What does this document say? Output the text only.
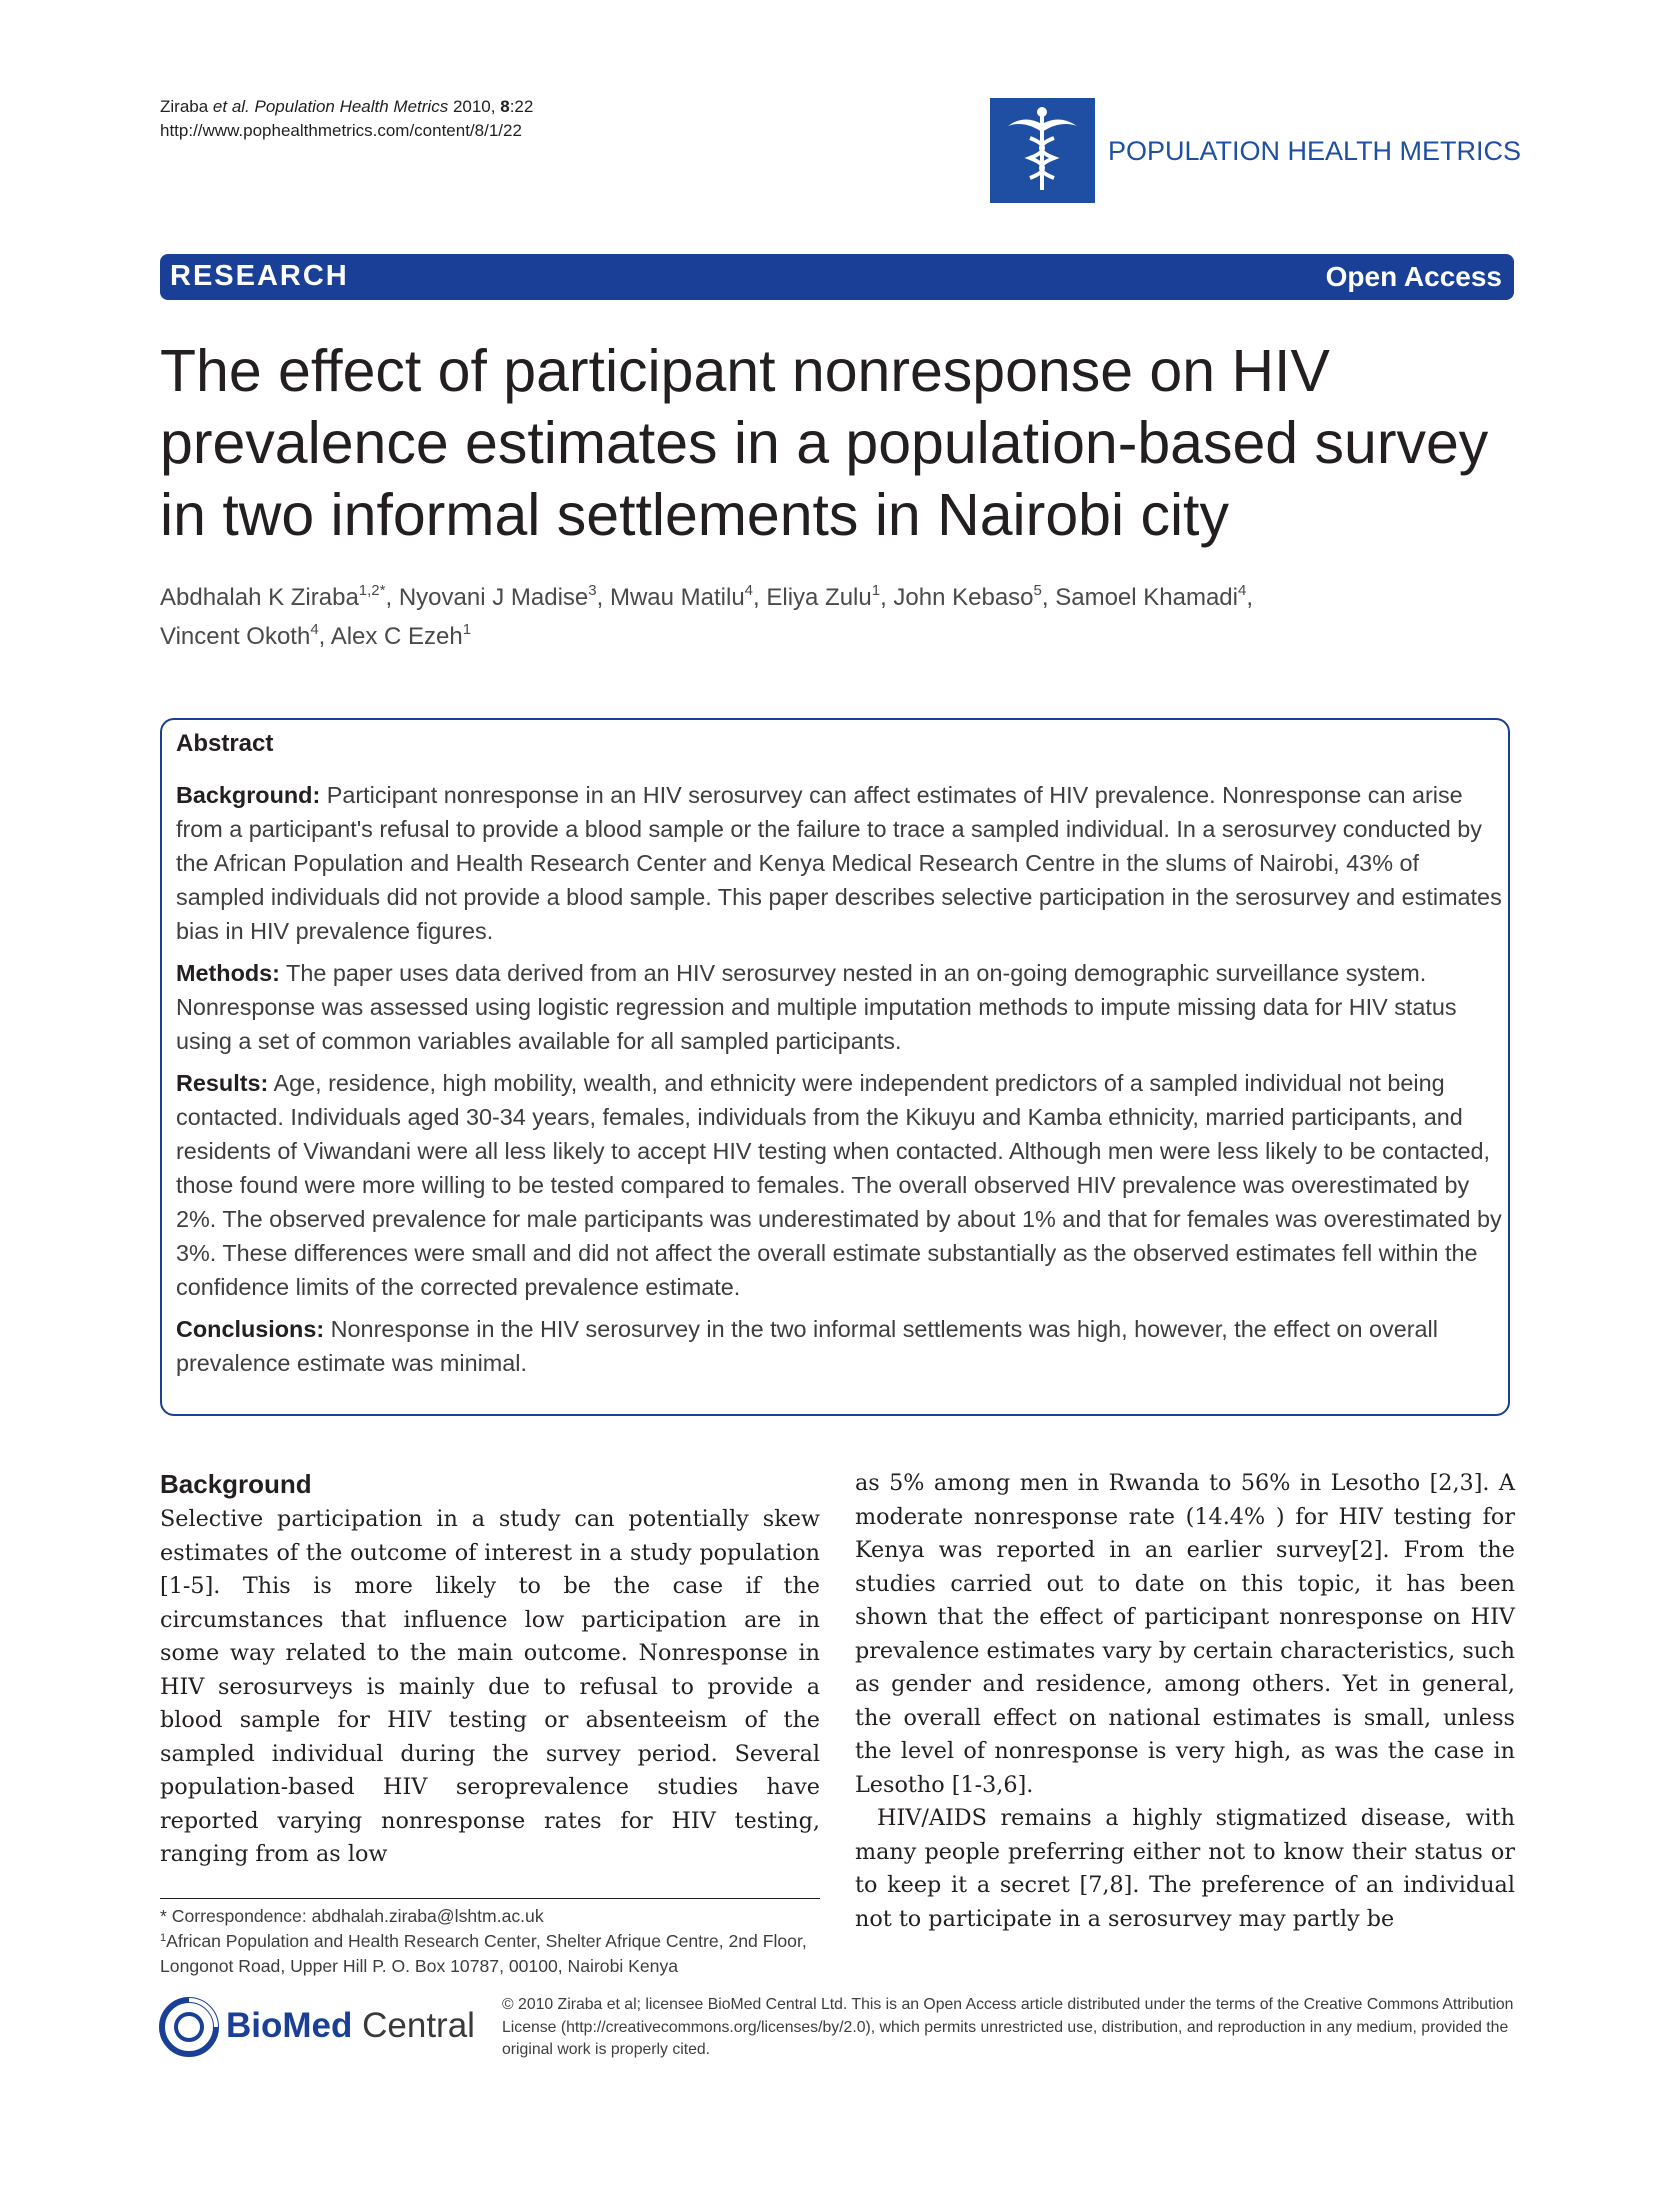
Ziraba et al. Population Health Metrics 2010, 8:22
http://www.pophealthmetrics.com/content/8/1/22
POPULATION HEALTH METRICS
RESEARCH	Open Access
The effect of participant nonresponse on HIV prevalence estimates in a population-based survey in two informal settlements in Nairobi city
Abdhalah K Ziraba$^{1,2*}$, Nyovani J Madise$^3$, Mwau Matilu$^4$, Eliya Zulu$^1$, John Kebaso$^5$, Samoel Khamadi$^4$,
Vincent Okoth$^4$, Alex C Ezeh$^1$
Abstract

Background: Participant nonresponse in an HIV serosurvey can affect estimates of HIV prevalence. Nonresponse can arise from a participant's refusal to provide a blood sample or the failure to trace a sampled individual. In a serosurvey conducted by the African Population and Health Research Center and Kenya Medical Research Centre in the slums of Nairobi, 43% of sampled individuals did not provide a blood sample. This paper describes selective participation in the serosurvey and estimates bias in HIV prevalence figures.

Methods: The paper uses data derived from an HIV serosurvey nested in an on-going demographic surveillance system. Nonresponse was assessed using logistic regression and multiple imputation methods to impute missing data for HIV status using a set of common variables available for all sampled participants.

Results: Age, residence, high mobility, wealth, and ethnicity were independent predictors of a sampled individual not being contacted. Individuals aged 30-34 years, females, individuals from the Kikuyu and Kamba ethnicity, married participants, and residents of Viwandani were all less likely to accept HIV testing when contacted. Although men were less likely to be contacted, those found were more willing to be tested compared to females. The overall observed HIV prevalence was overestimated by 2%. The observed prevalence for male participants was underestimated by about 1% and that for females was overestimated by 3%. These differences were small and did not affect the overall estimate substantially as the observed estimates fell within the confidence limits of the corrected prevalence estimate.

Conclusions: Nonresponse in the HIV serosurvey in the two informal settlements was high, however, the effect on overall prevalence estimate was minimal.

Background

Selective participation in a study can potentially skew estimates of the outcome of interest in a study population [1-5]. This is more likely to be the case if the circumstances that influence low participation are in some way related to the main outcome. Nonresponse in HIV serosurveys is mainly due to refusal to provide a blood sample for HIV testing or absenteeism of the sampled individual during the survey period. Several population-based HIV seroprevalence studies have reported varying nonresponse rates for HIV testing, ranging from as low

as 5% among men in Rwanda to 56% in Lesotho [2,3]. A moderate nonresponse rate (14.4% ) for HIV testing for Kenya was reported in an earlier survey[2]. From the studies carried out to date on this topic, it has been shown that the effect of participant nonresponse on HIV prevalence estimates vary by certain characteristics, such as gender and residence, among others. Yet in general, the overall effect on national estimates is small, unless the level of nonresponse is very high, as was the case in Lesotho [1-3,6].

HIV/AIDS remains a highly stigmatized disease, with many people preferring either not to know their status or to keep it a secret [7,8]. The preference of an individual not to participate in a serosurvey may partly be

* Correspondence: abdhalah.ziraba@lshtm.ac.uk
$^1$African Population and Health Research Center, Shelter Afrique Centre, 2nd Floor, Longonot Road, Upper Hill P. O. Box 10787, 00100, Nairobi Kenya
BioMed Central
© 2010 Ziraba et al; licensee BioMed Central Ltd. This is an Open Access article distributed under the terms of the Creative Commons Attribution License (http://creativecommons.org/licenses/by/2.0), which permits unrestricted use, distribution, and reproduction in any medium, provided the original work is properly cited.
